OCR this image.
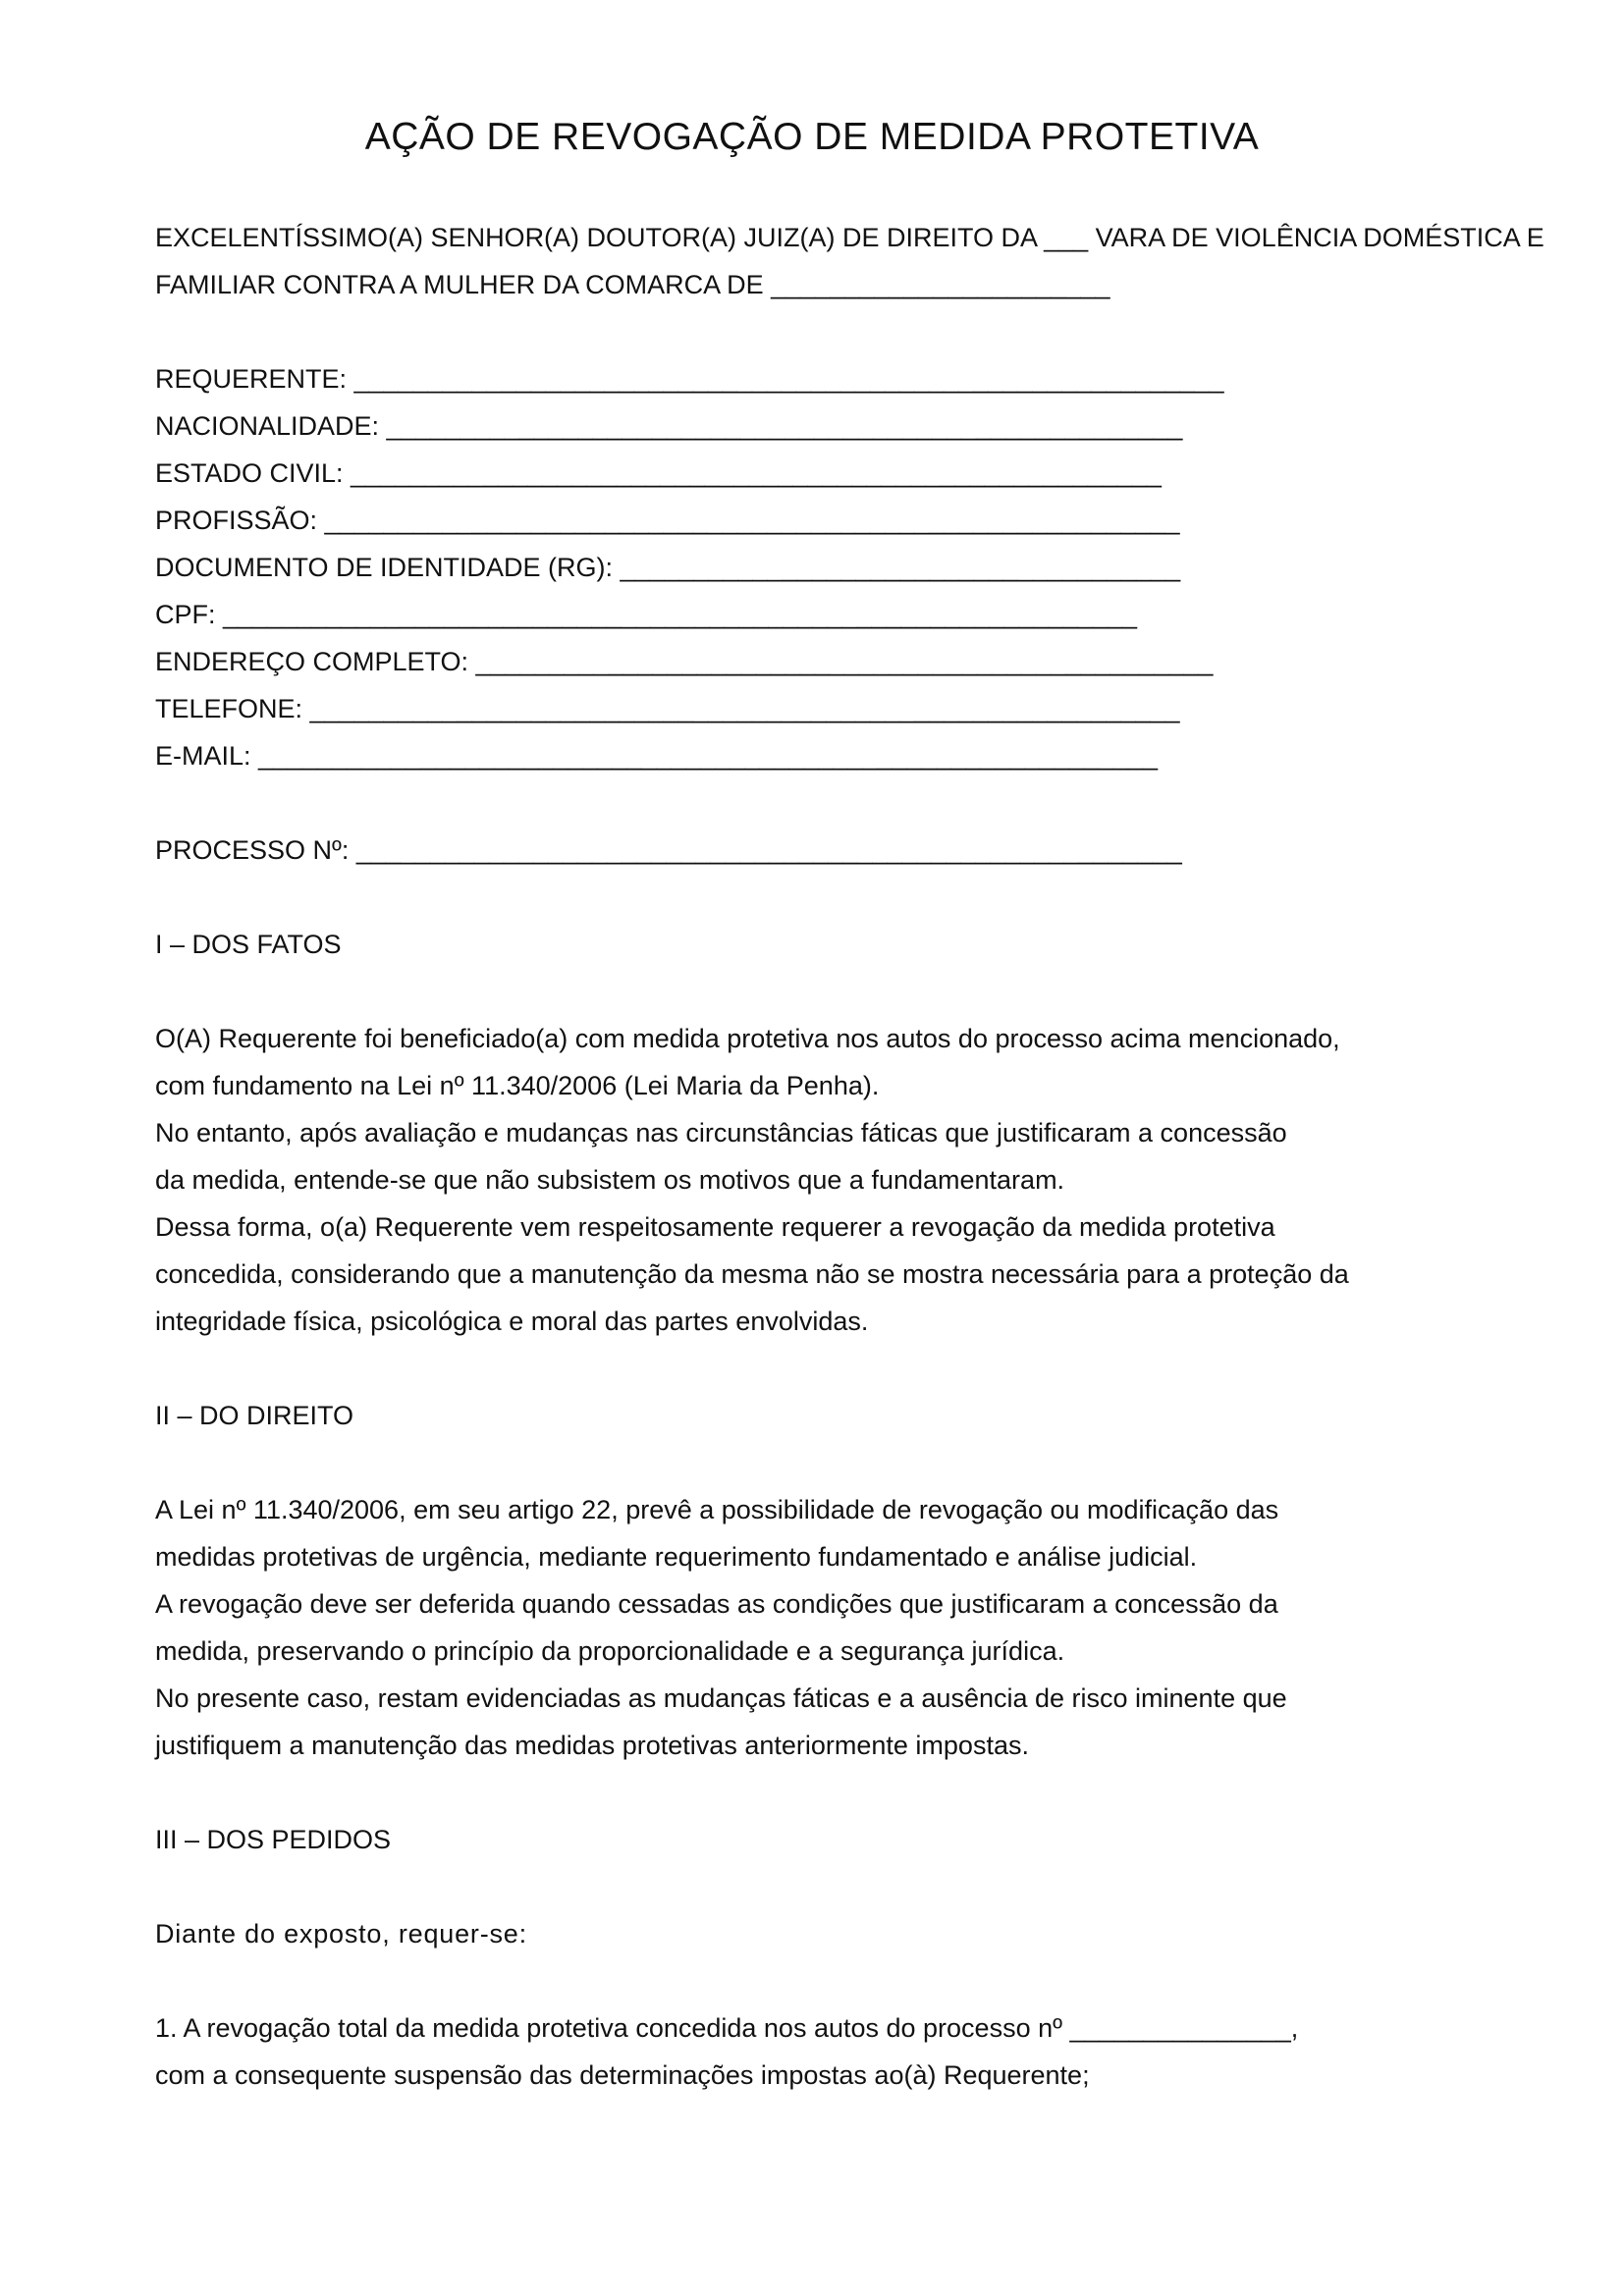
AÇÃO DE REVOGAÇÃO DE MEDIDA PROTETIVA
EXCELENTÍSSIMO(A) SENHOR(A) DOUTOR(A) JUIZ(A) DE DIREITO DA ___ VARA DE VIOLÊNCIA DOMÉSTICA E
FAMILIAR CONTRA A MULHER DA COMARCA DE _______________________
REQUERENTE: ___________________________________________________________
NACIONALIDADE: ______________________________________________________
ESTADO CIVIL: _______________________________________________________
PROFISSÃO: __________________________________________________________
DOCUMENTO DE IDENTIDADE (RG): ______________________________________
CPF: ______________________________________________________________
ENDEREÇO COMPLETO: __________________________________________________
TELEFONE: ___________________________________________________________
E-MAIL: _____________________________________________________________
PROCESSO Nº: ________________________________________________________
I – DOS FATOS
O(A) Requerente foi beneficiado(a) com medida protetiva nos autos do processo acima mencionado,
com fundamento na Lei nº 11.340/2006 (Lei Maria da Penha).
No entanto, após avaliação e mudanças nas circunstâncias fáticas que justificaram a concessão
da medida, entende-se que não subsistem os motivos que a fundamentaram.
Dessa forma, o(a) Requerente vem respeitosamente requerer a revogação da medida protetiva
concedida, considerando que a manutenção da mesma não se mostra necessária para a proteção da
integridade física, psicológica e moral das partes envolvidas.
II – DO DIREITO
A Lei nº 11.340/2006, em seu artigo 22, prevê a possibilidade de revogação ou modificação das
medidas protetivas de urgência, mediante requerimento fundamentado e análise judicial.
A revogação deve ser deferida quando cessadas as condições que justificaram a concessão da
medida, preservando o princípio da proporcionalidade e a segurança jurídica.
No presente caso, restam evidenciadas as mudanças fáticas e a ausência de risco iminente que
justifiquem a manutenção das medidas protetivas anteriormente impostas.
III – DOS PEDIDOS
Diante do exposto, requer-se:
1. A revogação total da medida protetiva concedida nos autos do processo nº _______________,
com a consequente suspensão das determinações impostas ao(à) Requerente;
